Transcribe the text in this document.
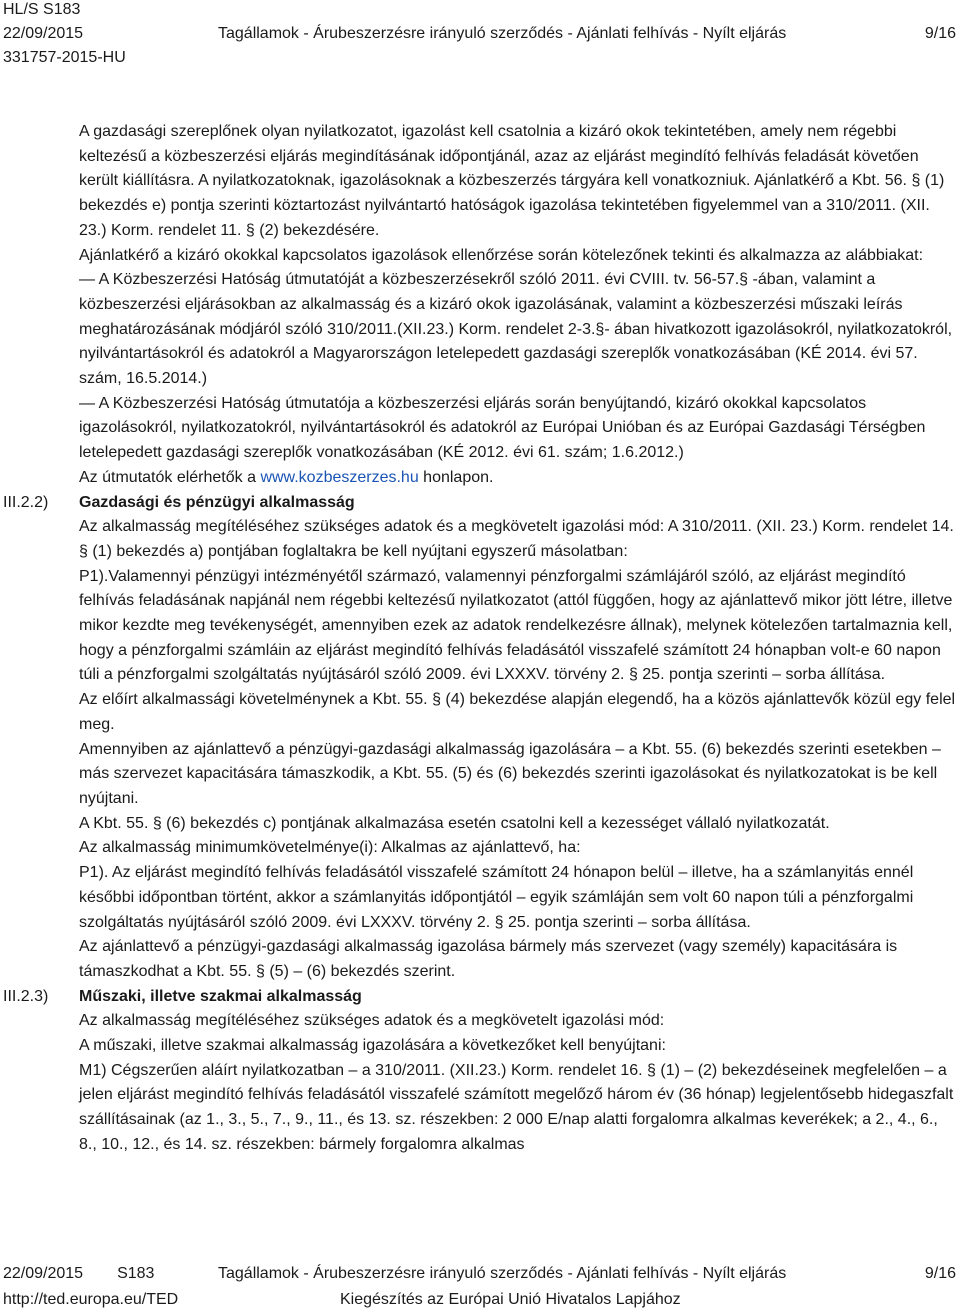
HL/S S183
22/09/2015
331757-2015-HU
Tagállamok - Árubeszerzésre irányuló szerződés - Ajánlati felhívás - Nyílt eljárás	9/16

A gazdasági szereplőnek olyan nyilatkozatot, igazolást kell csatolnia a kizáró okok tekintetében, amely nem régebbi keltezésű a közbeszerzési eljárás megindításának időpontjánál, azaz az eljárást megindító felhívás feladását követően került kiállításra. A nyilatkozatoknak, igazolásoknak a közbeszerzés tárgyára kell vonatkozniuk. Ajánlatkérő a Kbt. 56. § (1) bekezdés e) pontja szerinti köztartozást nyilvántartó hatóságok igazolása tekintetében figyelemmel van a 310/2011. (XII. 23.) Korm. rendelet 11. § (2) bekezdésére.

Ajánlatkérő a kizáró okokkal kapcsolatos igazolások ellenőrzése során kötelezőnek tekinti és alkalmazza az alábbiakat:

— A Közbeszerzési Hatóság útmutatóját a közbeszerzésekről szóló 2011. évi CVIII. tv. 56-57.§ -ában, valamint a közbeszerzési eljárásokban az alkalmasság és a kizáró okok igazolásának, valamint a közbeszerzési műszaki leírás meghatározásának módjáról szóló 310/2011.(XII.23.) Korm. rendelet 2-3.§- ában hivatkozott igazolásokról, nyilatkozatokról, nyilvántartásokról és adatokról a Magyarországon letelepedett gazdasági szereplők vonatkozásában (KÉ 2014. évi 57. szám, 16.5.2014.)

— A Közbeszerzési Hatóság útmutatója a közbeszerzési eljárás során benyújtandó, kizáró okokkal kapcsolatos igazolásokról, nyilatkozatokról, nyilvántartásokról és adatokról az Európai Unióban és az Európai Gazdasági Térségben letelepedett gazdasági szereplők vonatkozásában (KÉ 2012. évi 61. szám; 1.6.2012.)

Az útmutatók elérhetők a www.kozbeszerzes.hu honlapon.

III.2.2)	Gazdasági és pénzügyi alkalmasság

Az alkalmasság megítéléséhez szükséges adatok és a megkövetelt igazolási mód: A 310/2011. (XII. 23.) Korm. rendelet 14. § (1) bekezdés a) pontjában foglaltakra be kell nyújtani egyszerű másolatban:

P1).Valamennyi pénzügyi intézményétől származó, valamennyi pénzforgalmi számlájáról szóló, az eljárást megindító felhívás feladásának napjánál nem régebbi keltezésű nyilatkozatot (attól függően, hogy az ajánlattevő mikor jött létre, illetve mikor kezdte meg tevékenységét, amennyiben ezek az adatok rendelkezésre állnak), melynek kötelezően tartalmaznia kell, hogy a pénzforgalmi számláin az eljárást megindító felhívás feladásától visszafelé számított 24 hónapban volt-e 60 napon túli a pénzforgalmi szolgáltatás nyújtásáról szóló 2009. évi LXXXV. törvény 2. § 25. pontja szerinti – sorba állítása.

Az előírt alkalmassági követelménynek a Kbt. 55. § (4) bekezdése alapján elegendő, ha a közös ajánlattevők közül egy felel meg.

Amennyiben az ajánlattevő a pénzügyi-gazdasági alkalmasság igazolására – a Kbt. 55. (6) bekezdés szerinti esetekben – más szervezet kapacitására támaszkodik, a Kbt. 55. (5) és (6) bekezdés szerinti igazolásokat és nyilatkozatokat is be kell nyújtani.

A Kbt. 55. § (6) bekezdés c) pontjának alkalmazása esetén csatolni kell a kezességet vállaló nyilatkozatát.

Az alkalmasság minimumkövetelménye(i): Alkalmas az ajánlattevő, ha:

P1). Az eljárást megindító felhívás feladásától visszafelé számított 24 hónapon belül – illetve, ha a számlanyitás ennél későbbi időpontban történt, akkor a számlanyitás időpontjától – egyik számláján sem volt 60 napon túli a pénzforgalmi szolgáltatás nyújtásáról szóló 2009. évi LXXXV. törvény 2. § 25. pontja szerinti – sorba állítása.

Az ajánlattevő a pénzügyi-gazdasági alkalmasság igazolása bármely más szervezet (vagy személy) kapacitására is támaszkodhat a Kbt. 55. § (5) – (6) bekezdés szerint.

III.2.3)	Műszaki, illetve szakmai alkalmasság

Az alkalmasság megítéléséhez szükséges adatok és a megkövetelt igazolási mód:

A műszaki, illetve szakmai alkalmasság igazolására a következőket kell benyújtani:

M1) Cégszerűen aláírt nyilatkozatban – a 310/2011. (XII.23.) Korm. rendelet 16. § (1) – (2) bekezdéseinek megfelelően – a jelen eljárást megindító felhívás feladásától visszafelé számított megelőző három év (36 hónap) legjelentősebb hidegaszfalt szállításainak (az 1., 3., 5., 7., 9., 11., és 13. sz. részekben: 2 000 E/nap alatti forgalomra alkalmas keverékek; a 2., 4., 6., 8., 10., 12., és 14. sz. részekben: bármely forgalomra alkalmas

22/09/2015 S183	Tagállamok - Árubeszerzésre irányuló szerződés - Ajánlati felhívás - Nyílt eljárás	9/16
http://ted.europa.eu/TED	Kiegészítés az Európai Unió Hivatalos Lapjához
